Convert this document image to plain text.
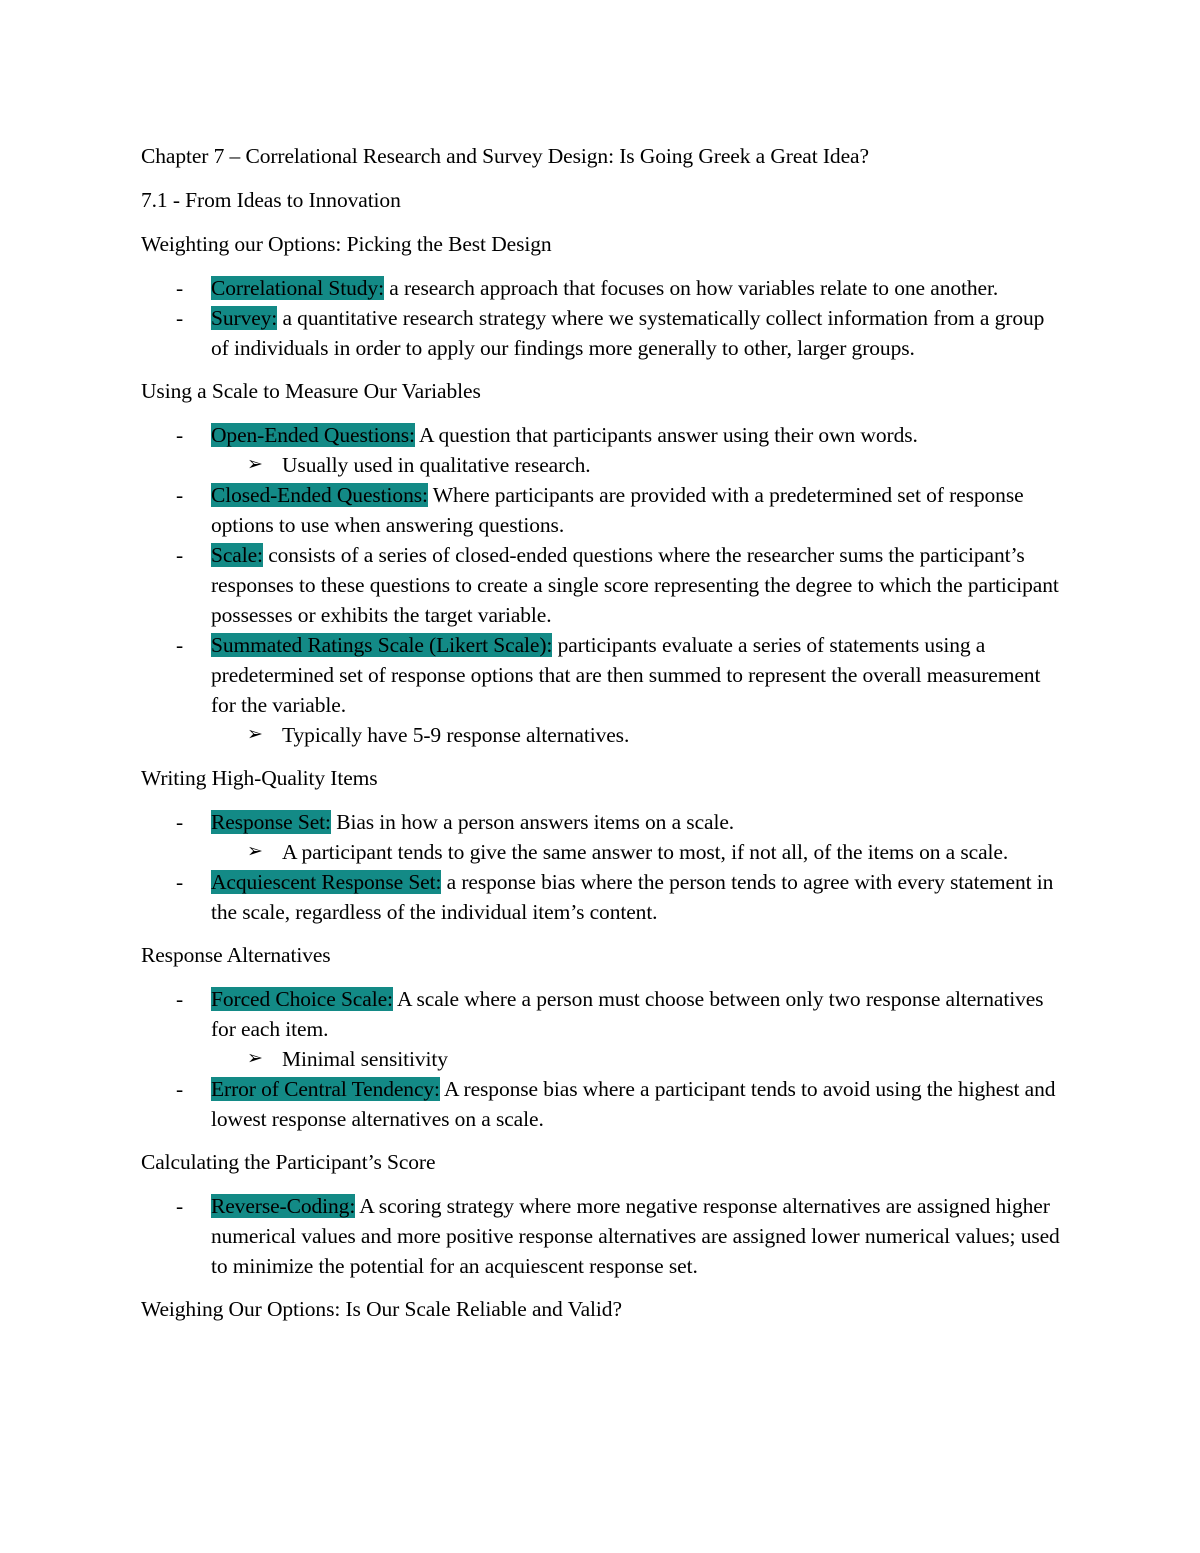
Chapter 7 – Correlational Research and Survey Design: Is Going Greek a Great Idea?

7.1 - From Ideas to Innovation

Weighting our Options: Picking the Best Design

- Correlational Study: a research approach that focuses on how variables relate to one another.
- Survey: a quantitative research strategy where we systematically collect information from a group of individuals in order to apply our findings more generally to other, larger groups.

Using a Scale to Measure Our Variables

- Open-Ended Questions: A question that participants answer using their own words.
➢ Usually used in qualitative research.
- Closed-Ended Questions: Where participants are provided with a predetermined set of response options to use when answering questions.
- Scale: consists of a series of closed-ended questions where the researcher sums the participant’s responses to these questions to create a single score representing the degree to which the participant possesses or exhibits the target variable.
- Summated Ratings Scale (Likert Scale): participants evaluate a series of statements using a predetermined set of response options that are then summed to represent the overall measurement for the variable.
➢ Typically have 5-9 response alternatives.

Writing High-Quality Items

- Response Set: Bias in how a person answers items on a scale.
➢ A participant tends to give the same answer to most, if not all, of the items on a scale.
- Acquiescent Response Set: a response bias where the person tends to agree with every statement in the scale, regardless of the individual item’s content.

Response Alternatives

- Forced Choice Scale: A scale where a person must choose between only two response alternatives for each item.
➢ Minimal sensitivity
- Error of Central Tendency: A response bias where a participant tends to avoid using the highest and lowest response alternatives on a scale.

Calculating the Participant’s Score

- Reverse-Coding: A scoring strategy where more negative response alternatives are assigned higher numerical values and more positive response alternatives are assigned lower numerical values; used to minimize the potential for an acquiescent response set.

Weighing Our Options: Is Our Scale Reliable and Valid?
